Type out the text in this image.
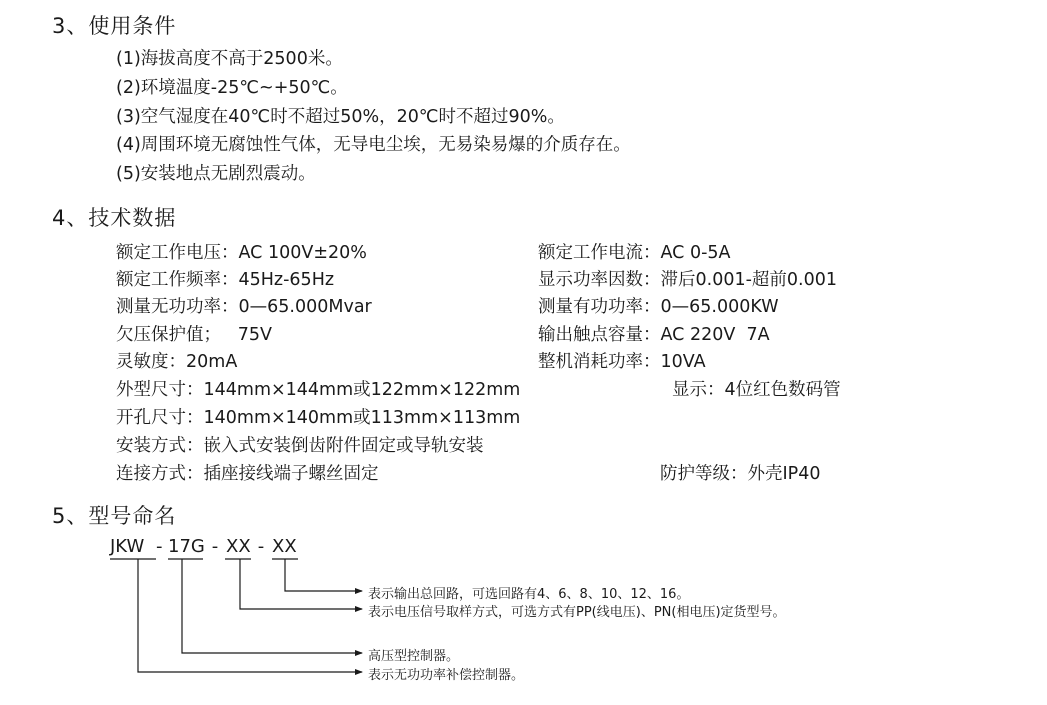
3、使用条件
(1)海拔高度不高于2500米。
(2)环境温度-25℃~+50℃。
(3)空气湿度在40℃时不超过50%，20℃时不超过90%。
(4)周围环境无腐蚀性气体，无导电尘埃，无易染易爆的介质存在。
(5)安装地点无剧烈震动。
4、技术数据
额定工作电压：AC 100V±20%	额定工作电流：AC 0-5A
额定工作频率：45Hz-65Hz	显示功率因数：滞后0.001-超前0.001
测量无功功率：0—65.000Mvar	测量有功功率：0—65.000KW
欠压保护值；   75V	输出触点容量：AC 220V  7A
灵敏度：20mA	整机消耗功率：10VA
外型尺寸：144mm×144mm或122mm×122mm	显示：4位红色数码管
开孔尺寸：140mm×140mm或113mm×113mm
安装方式：嵌入式安装倒齿附件固定或导轨安装
连接方式：插座接线端子螺丝固定	防护等级：外壳IP40
5、型号命名
JKW - 17G - XX - XX
表示输出总回路，可选回路有4、6、8、10、12、16。
表示电压信号取样方式，可选方式有PP(线电压)、PN(相电压)定货型号。
高压型控制器。
表示无功功率补偿控制器。
